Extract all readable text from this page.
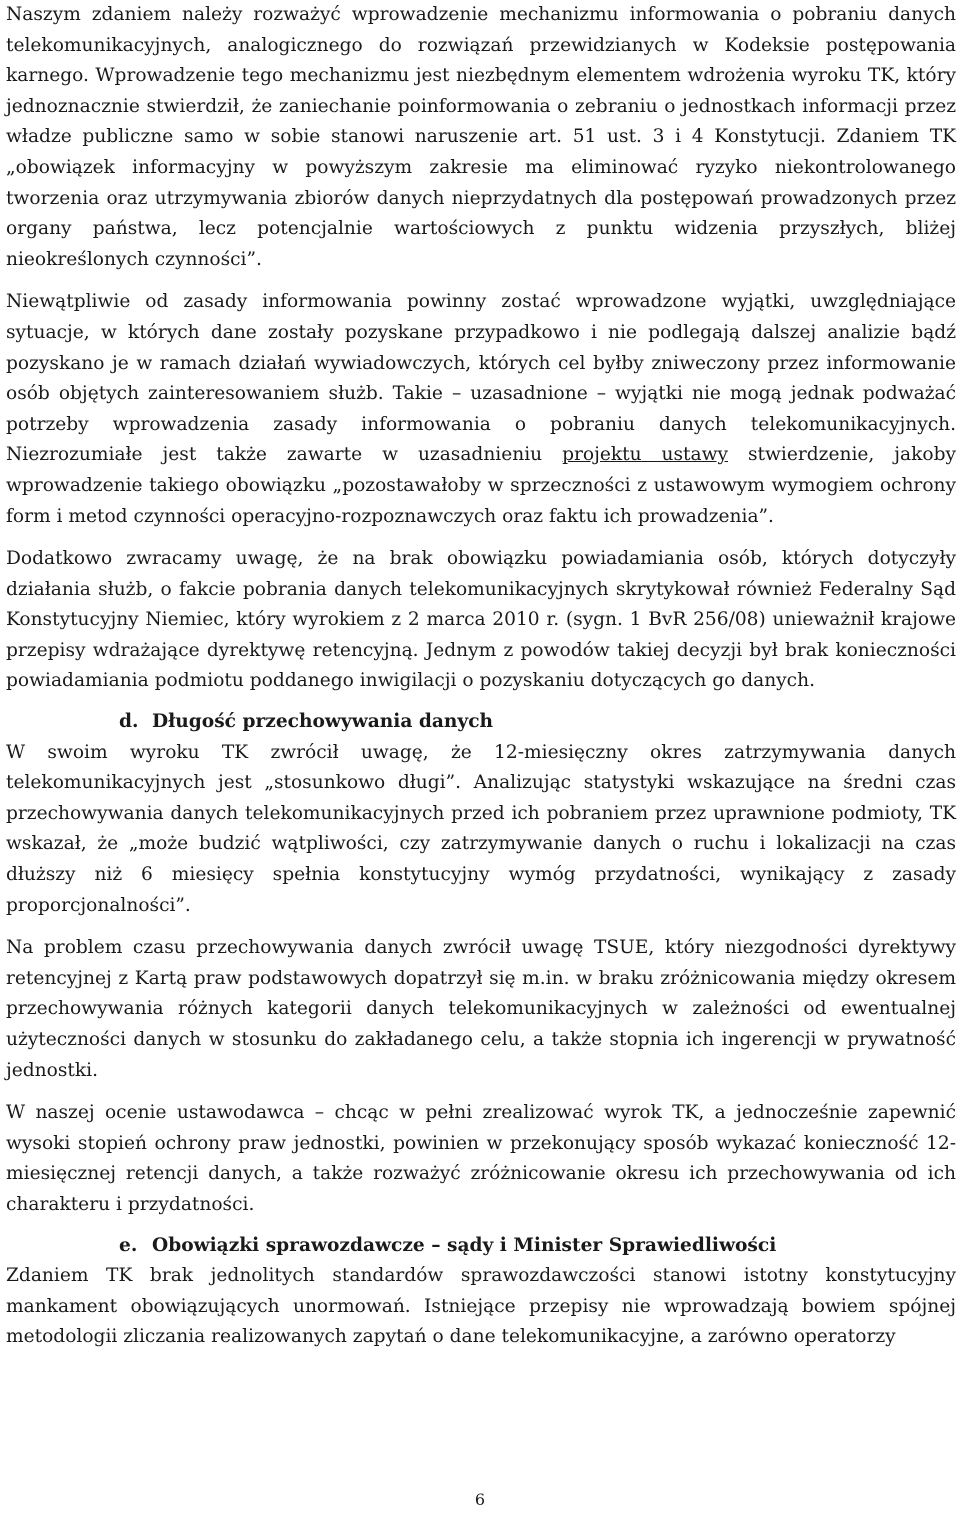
Naszym zdaniem należy rozważyć wprowadzenie mechanizmu informowania o pobraniu danych telekomunikacyjnych, analogicznego do rozwiązań przewidzianych w Kodeksie postępowania karnego. Wprowadzenie tego mechanizmu jest niezbędnym elementem wdrożenia wyroku TK, który jednoznacznie stwierdził, że zaniechanie poinformowania o zebraniu o jednostkach informacji przez władze publiczne samo w sobie stanowi naruszenie art. 51 ust. 3 i 4 Konstytucji. Zdaniem TK „obowiązek informacyjny w powyższym zakresie ma eliminować ryzyko niekontrolowanego tworzenia oraz utrzymywania zbiorów danych nieprzydatnych dla postępowań prowadzonych przez organy państwa, lecz potencjalnie wartościowych z punktu widzenia przyszłych, bliżej nieokreślonych czynności”.

Niewątpliwie od zasady informowania powinny zostać wprowadzone wyjątki, uwzględniające sytuacje, w których dane zostały pozyskane przypadkowo i nie podlegają dalszej analizie bądź pozyskano je w ramach działań wywiadowczych, których cel byłby zniweczony przez informowanie osób objętych zainteresowaniem służb. Takie – uzasadnione – wyjątki nie mogą jednak podważać potrzeby wprowadzenia zasady informowania o pobraniu danych telekomunikacyjnych. Niezrozumiałe jest także zawarte w uzasadnieniu projektu ustawy stwierdzenie, jakoby wprowadzenie takiego obowiązku „pozostawałoby w sprzeczności z ustawowym wymogiem ochrony form i metod czynności operacyjno-rozpoznawczych oraz faktu ich prowadzenia”.

Dodatkowo zwracamy uwagę, że na brak obowiązku powiadamiania osób, których dotyczyły działania służb, o fakcie pobrania danych telekomunikacyjnych skrytykował również Federalny Sąd Konstytucyjny Niemiec, który wyrokiem z 2 marca 2010 r. (sygn. 1 BvR 256/08) unieważnił krajowe przepisy wdrażające dyrektywę retencyjną. Jednym z powodów takiej decyzji był brak konieczności powiadamiania podmiotu poddanego inwigilacji o pozyskaniu dotyczących go danych.

d. Długość przechowywania danych

W swoim wyroku TK zwrócił uwagę, że 12-miesięczny okres zatrzymywania danych telekomunikacyjnych jest „stosunkowo długi”. Analizując statystyki wskazujące na średni czas przechowywania danych telekomunikacyjnych przed ich pobraniem przez uprawnione podmioty, TK wskazał, że „może budzić wątpliwości, czy zatrzymywanie danych o ruchu i lokalizacji na czas dłuższy niż 6 miesięcy spełnia konstytucyjny wymóg przydatności, wynikający z zasady proporcjonalności”.

Na problem czasu przechowywania danych zwrócił uwagę TSUE, który niezgodności dyrektywy retencyjnej z Kartą praw podstawowych dopatrzył się m.in. w braku zróżnicowania między okresem przechowywania różnych kategorii danych telekomunikacyjnych w zależności od ewentualnej użyteczności danych w stosunku do zakładanego celu, a także stopnia ich ingerencji w prywatność jednostki.

W naszej ocenie ustawodawca – chcąc w pełni zrealizować wyrok TK, a jednocześnie zapewnić wysoki stopień ochrony praw jednostki, powinien w przekonujący sposób wykazać konieczność 12-miesięcznej retencji danych, a także rozważyć zróżnicowanie okresu ich przechowywania od ich charakteru i przydatności.

e. Obowiązki sprawozdawcze – sądy i Minister Sprawiedliwości

Zdaniem TK brak jednolitych standardów sprawozdawczości stanowi istotny konstytucyjny mankament obowiązujących unormowań. Istniejące przepisy nie wprowadzają bowiem spójnej metodologii zliczania realizowanych zapytań o dane telekomunikacyjne, a zarówno operatorzy

6
